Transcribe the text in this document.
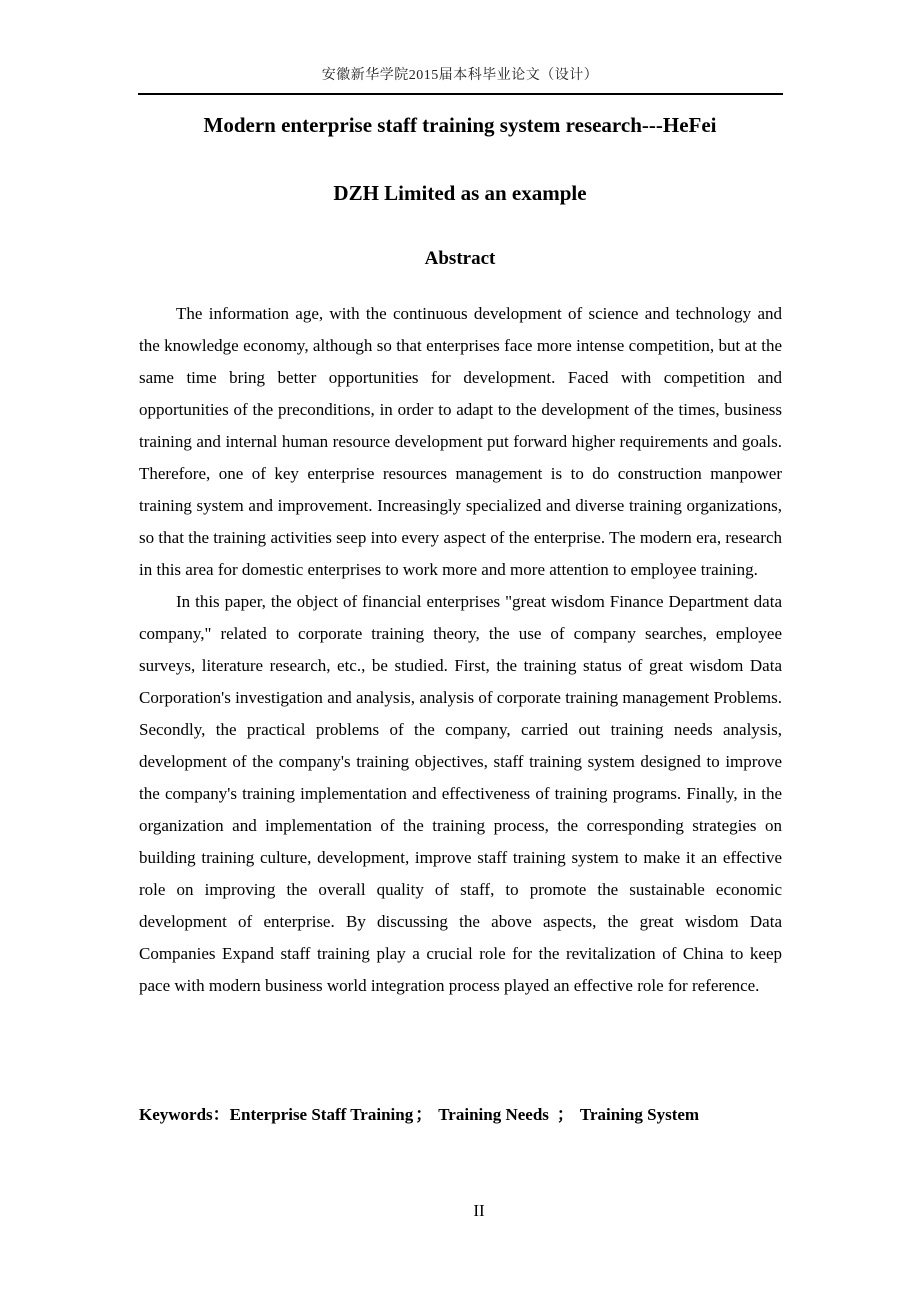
安徽新华学院2015届本科毕业论文（设计）
Modern enterprise staff training system research---HeFei
DZH Limited as an example
Abstract

The information age, with the continuous development of science and technology and the knowledge economy, although so that enterprises face more intense competition, but at the same time bring better opportunities for development. Faced with competition and opportunities of the preconditions, in order to adapt to the development of the times, business training and internal human resource development put forward higher requirements and goals. Therefore, one of key enterprise resources management is to do construction manpower training system and improvement. Increasingly specialized and diverse training organizations, so that the training activities seep into every aspect of the enterprise. The modern era, research in this area for domestic enterprises to work more and more attention to employee training.

In this paper, the object of financial enterprises "great wisdom Finance Department data company," related to corporate training theory, the use of company searches, employee surveys, literature research, etc., be studied. First, the training status of great wisdom Data Corporation's investigation and analysis, analysis of corporate training management Problems. Secondly, the practical problems of the company, carried out training needs analysis, development of the company's training objectives, staff training system designed to improve the company's training implementation and effectiveness of training programs. Finally, in the organization and implementation of the training process, the corresponding strategies on building training culture, development, improve staff training system to make it an effective role on improving the overall quality of staff, to promote the sustainable economic development of enterprise. By discussing the above aspects, the great wisdom Data Companies Expand staff training play a crucial role for the revitalization of China to keep pace with modern business world integration process played an effective role for reference.

Keywords：Enterprise Staff Training ； Training Needs ； Training System
II
